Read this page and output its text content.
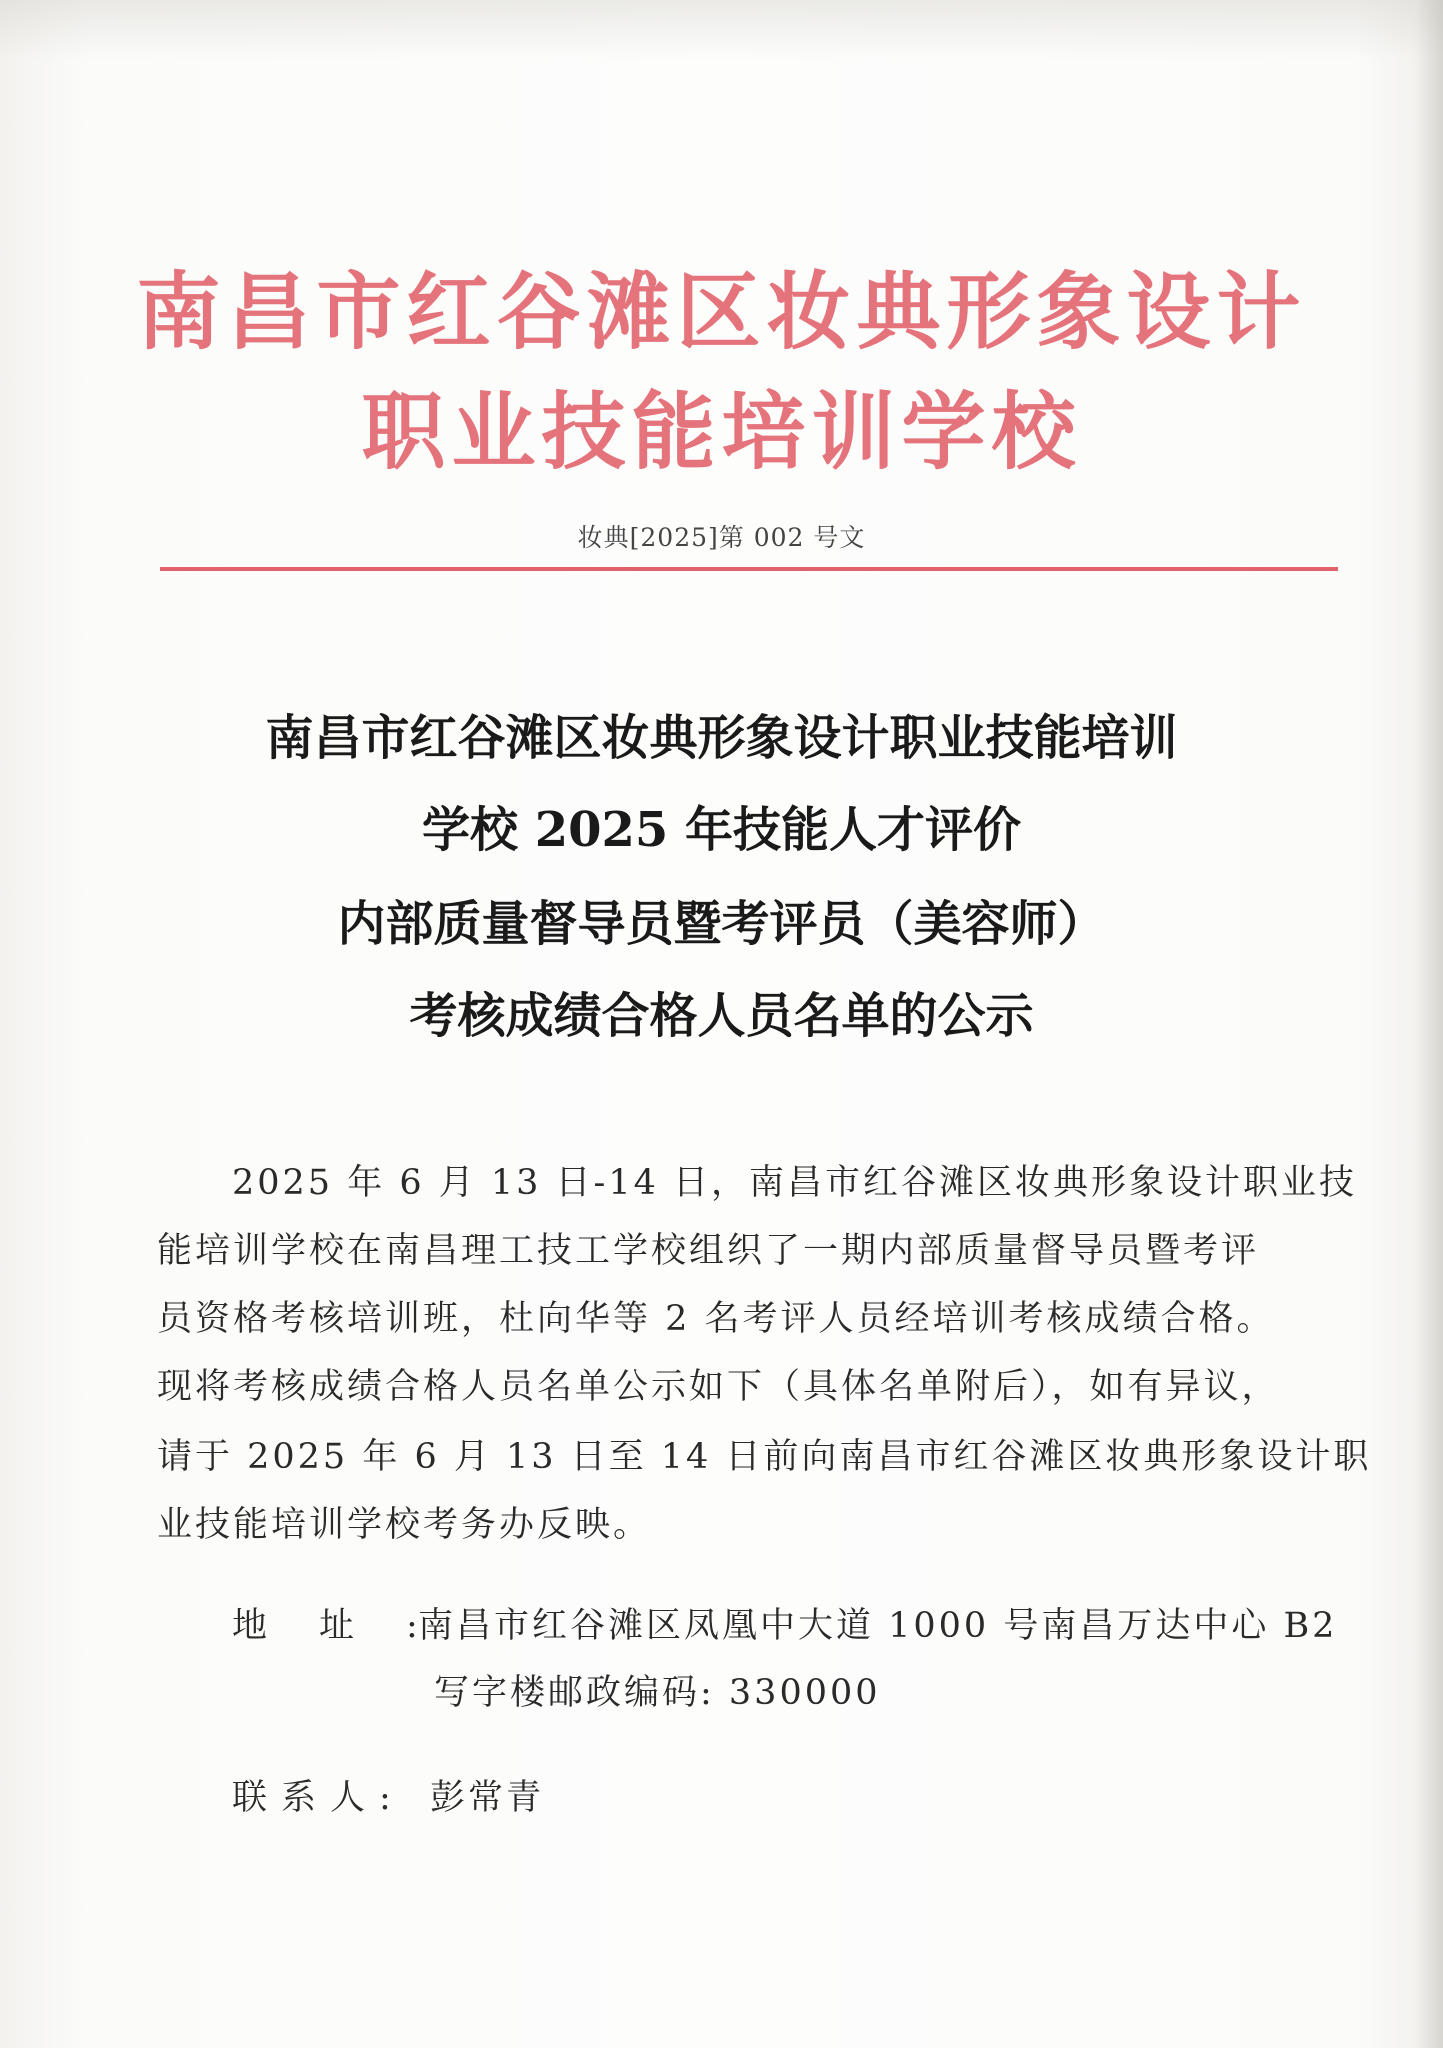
南昌市红谷滩区妆典形象设计
职业技能培训学校
妆典[2025]第 002 号文
南昌市红谷滩区妆典形象设计职业技能培训
学校 2025 年技能人才评价
内部质量督导员暨考评员（美容师）
考核成绩合格人员名单的公示
2025 年 6 月 13 日-14 日，南昌市红谷滩区妆典形象设计职业技
能培训学校在南昌理工技工学校组织了一期内部质量督导员暨考评
员资格考核培训班，杜向华等 2 名考评人员经培训考核成绩合格。
现将考核成绩合格人员名单公示如下（具体名单附后），如有异议，
请于 2025 年 6 月 13 日至 14 日前向南昌市红谷滩区妆典形象设计职
业技能培训学校考务办反映。
地址:
南昌市红谷滩区凤凰中大道 1000 号南昌万达中心 B2
写字楼邮政编码: 330000
联系人: 彭常青
